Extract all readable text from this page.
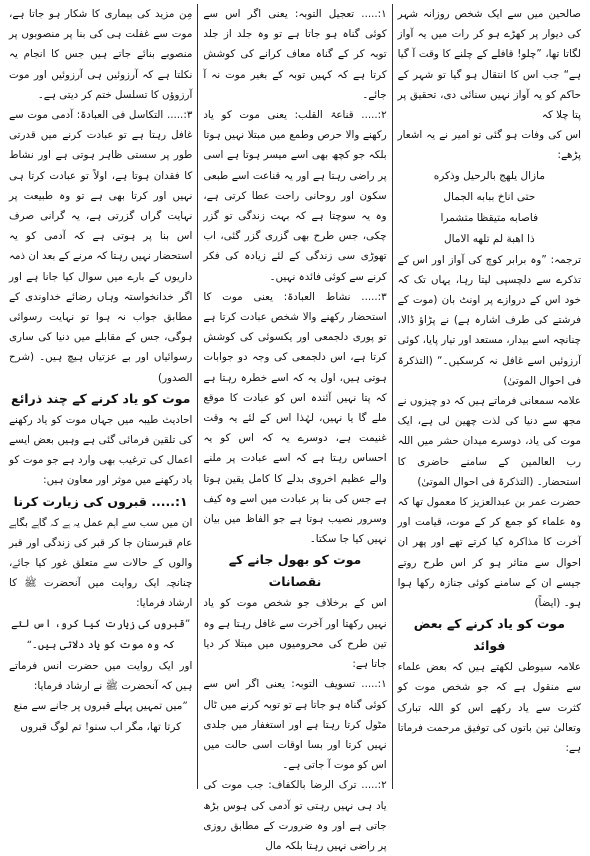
صالحین میں سے ایک شخص روزانہ شہر کی دیوار پر کھڑے ہو کر رات میں یہ آواز لگاتا تھا، ”چلو! قافلے کے چلنے کا وقت آ گیا ہے“ جب اس کا انتقال ہو گیا تو شہر کے حاکم کو یہ آواز نہیں سنائی دی، تحقیق پر پتا چلا کہ

اس کی وفات ہو گئی تو امیر نے یہ اشعار پڑھے:

مازال يلهج بالرحيل وذكره

حتى اناخ ببابه الجمال

فاصابه متيقظا متشمرا

ذا اهبة لم تلهه الامال

ترجمہ: ”وہ برابر کوچ کی آواز اور اس کے تذکرے سے دلچسپی لیتا رہا، یہاں تک کہ خود اس کے دروازے پر اونٹ بان (موت کے فرشتے کی طرف اشارہ ہے) نے پڑاؤ ڈالا، چنانچہ اسے بیدار، مستعد اور تیار پایا، کوئی آرزوئیں اسے غافل نہ کرسکیں۔“ (التذکرۃ فی احوال الموتیٰ)

علامہ سمعانی فرماتے ہیں کہ دو چیزوں نے مجھ سے دنیا کی لذت چھین لی ہے، ایک موت کی یاد، دوسرے میدان حشر میں اللہ رب العالمین کے سامنے حاضری کا استحضار۔ (التذکرۃ فی احوال الموتیٰ)

حضرت عمر بن عبدالعزیز کا معمول تھا کہ وہ علماء کو جمع کر کے موت، قیامت اور آخرت کا مذاکرہ کیا کرتے تھے اور پھر ان احوال سے متاثر ہو کر اس طرح روتے جیسے ان کے سامنے کوئی جنازہ رکھا ہوا ہو۔ (ایضاً)

موت کو یاد کرنے کے بعض فوائد

علامہ سیوطی لکھتے ہیں کہ بعض علماء سے منقول ہے کہ جو شخص موت کو کثرت سے یاد رکھے اس کو اللہ تبارک وتعالیٰ تین باتوں کی توفیق مرحمت فرماتا ہے:

۱:..... تعجیل التوبہ: یعنی اگر اس سے کوئی گناہ ہو جاتا ہے تو وہ جلد از جلد توبہ کر کے گناہ معاف کرانے کی کوشش کرتا ہے کہ کہیں توبہ کے بغیر موت نہ آ جائے۔

۲:..... قناعۃ القلب: یعنی موت کو یاد رکھنے والا حرص وطمع میں مبتلا نہیں ہوتا بلکہ جو کچھ بھی اسے میسر ہوتا ہے اسی پر راضی رہتا ہے اور یہ قناعت اسے طبعی سکون اور روحانی راحت عطا کرتی ہے، وہ یہ سوچتا ہے کہ بہت زندگی تو گزر چکی، جس طرح بھی گزری گزر گئی، اب تھوڑی سی زندگی کے لئے زیادہ کی فکر کرنے سے کوئی فائدہ نہیں۔

۳:..... نشاط العبادۃ: یعنی موت کا استحضار رکھنے والا شخص عبادت کرتا ہے تو پوری دلجمعی اور یکسوئی کی کوشش کرتا ہے، اس دلجمعی کی وجہ دو جوابات ہوتی ہیں، اول یہ کہ اسے خطرہ رہتا ہے کہ پتا نہیں آئندہ اس کو عبادت کا موقع ملے گا یا نہیں، لہٰذا اس کے لئے یہ وقت غنیمت ہے، دوسرے یہ کہ اس کو یہ احساس رہتا ہے کہ اسے عبادت پر ملنے والے عظیم اخروی بدلے کا کامل یقین ہوتا ہے جس کی بنا پر عبادت میں اسے وہ کیف وسرور نصیب ہوتا ہے جو الفاظ میں بیان نہیں کیا جا سکتا۔

موت کو بھول جانے کے نقصانات

اس کے برخلاف جو شخص موت کو یاد نہیں رکھتا اور آخرت سے غافل رہتا ہے وہ تین طرح کی محرومیوں میں مبتلا کر دیا جاتا ہے:

۱:..... تسویف التوبہ: یعنی اگر اس سے کوئی گناہ ہو جاتا ہے تو توبہ کرنے میں ٹال مٹول کرتا رہتا ہے اور استغفار میں جلدی نہیں کرتا اور بسا اوقات اسی حالت میں اس کو موت آ جاتی ہے۔

۲:..... ترک الرضا بالکفاف: جب موت کی یاد ہی نہیں رہتی تو آدمی کی ہوس بڑھ جاتی ہے اور وہ ضرورت کے مطابق روزی پر راضی نہیں رہتا بلکہ مال

مِن مزید کی بیماری کا شکار ہو جاتا ہے، موت سے غفلت ہی کی بنا پر منصوبوں پر منصوبے بنائے جاتے ہیں جس کا انجام یہ نکلتا ہے کہ آرزوئیں ہی آرزوئیں اور موت آرزوؤں کا تسلسل ختم کر دیتی ہے۔

۳:..... التکاسل فی العبادۃ: آدمی موت سے غافل رہتا ہے تو عبادت کرنے میں قدرتی طور پر سستی ظاہر ہوتی ہے اور نشاط کا فقدان ہوتا ہے، اولاً تو عبادت کرتا ہی نہیں اور کرتا بھی ہے تو وہ طبیعت پر نہایت گراں گزرتی ہے، یہ گرانی صرف اس بنا پر ہوتی ہے کہ آدمی کو یہ استحضار نہیں رہتا کہ مرنے کے بعد ان ذمہ داریوں کے بارے میں سوال کیا جانا ہے اور اگر خدانخواستہ وہاں رضائے خداوندی کے مطابق جواب نہ ہوا تو نہایت رسوائی ہوگی، جس کے مقابلے میں دنیا کی ساری رسوائیاں اور بے عزتیاں ہیچ ہیں۔ (شرح الصدور)

موت کو یاد کرنے کے چند ذرائع

احادیث طیبہ میں جہاں موت کو یاد رکھنے کی تلقین فرمائی گئی ہے وہیں بعض ایسے اعمال کی ترغیب بھی وارد ہے جو موت کو یاد رکھنے میں موثر اور معاون ہیں:

۱:..... قبروں کی زیارت کرنا

ان میں سب سے اہم عمل یہ ہے کہ گاہے بگاہے عام قبرستان جا کر قبر کی زندگی اور قبر والوں کے حالات سے متعلق غور کیا جائے، چنانچہ ایک روایت میں آنحضرت ﷺ کا ارشاد فرمایا:

”قبروں کی زیارت کیا کرو، اس لئے کہ وہ موت کو یاد دلاتی ہیں۔“

اور ایک روایت میں حضرت انس فرماتے ہیں کہ آنحضرت ﷺ نے ارشاد فرمایا:

”میں تمہیں پہلے قبروں پر جانے سے منع کرتا تھا، مگر اب سنو! تم لوگ قبروں
